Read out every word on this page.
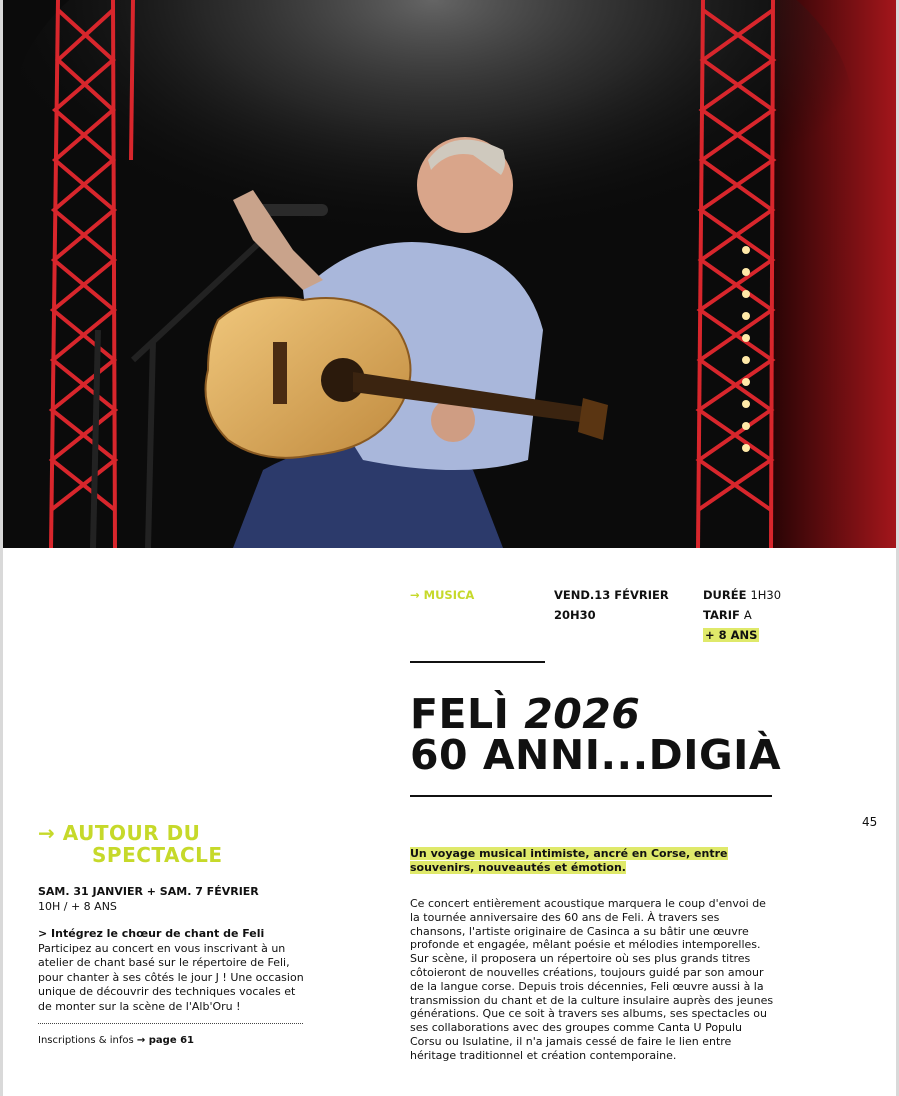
→ MUSICA	VEND.13 FÉVRIER
20H30
DURÉE 1H30
TARIF A
+ 8 ANS
FELÌ 2026
60 ANNI...DIGIÀ
45
→ AUTOUR DU
SPECTACLE
SAM. 31 JANVIER + SAM. 7 FÉVRIER
10H / + 8 ANS
> Intégrez le chœur de chant de Feli
Participez au concert en vous inscrivant à un atelier de chant basé sur le répertoire de Feli, pour chanter à ses côtés le jour J ! Une occasion unique de découvrir des techniques vocales et de monter sur la scène de l'Alb'Oru !
Inscriptions & infos → page 61
Un voyage musical intimiste, ancré en Corse, entre souvenirs, nouveautés et émotion.
Ce concert entièrement acoustique marquera le coup d'envoi de la tournée anniversaire des 60 ans de Feli. À travers ses chansons, l'artiste originaire de Casinca a su bâtir une œuvre profonde et engagée, mêlant poésie et mélodies intemporelles. Sur scène, il proposera un répertoire où ses plus grands titres côtoieront de nouvelles créations, toujours guidé par son amour de la langue corse. Depuis trois décennies, Feli œuvre aussi à la transmission du chant et de la culture insulaire auprès des jeunes générations. Que ce soit à travers ses albums, ses spectacles ou ses collaborations avec des groupes comme Canta U Populu Corsu ou Isulatine, il n'a jamais cessé de faire le lien entre héritage traditionnel et création contemporaine.
